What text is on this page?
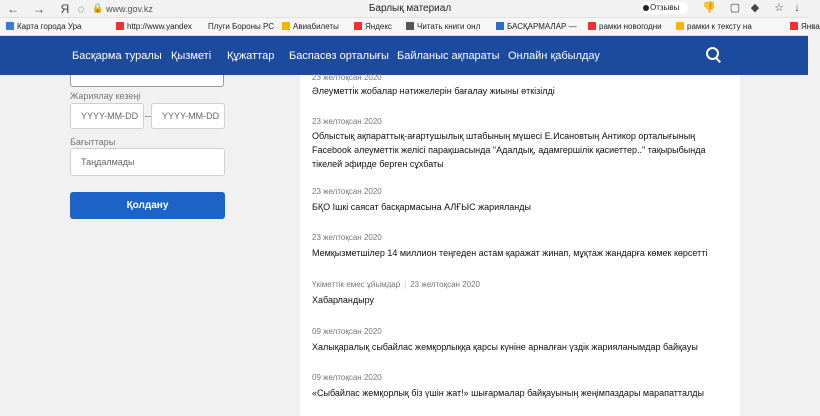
← → Я ◌ 🔒 www.gov.kz	Барлық материал	Отзывы	👎 ▢ ◆ ☆ ↓
Карта города Ура	http://www.yandex	Плуги Бороны РС	Авиабилеты	Яндекс	Читать книги онл	БАСҚАРМАЛАР —	рамки новогодни	рамки к тексту на	Янва
Басқарма туралы Қызметі Құжаттар Баспасөз орталығы Байланыс ақпараты Онлайн қабылдау
Жариялау кезеңі
YYYY-MM-DD	YYYY-MM-DD
Бағыттары
Таңдалмады
Қолдану
23 желтоқсан 2020
Әлеуметтік жобалар нәтижелерін бағалау жиыны өткізілді
23 желтоқсан 2020
Облыстық ақпараттық-ағартушылық штабының мүшесі Е.Исановтың Антикор орталығының Facebook әлеуметтік желісі парақшасында "Адалдық, адамгершілік қасиеттер.." тақырыбында тікелей эфирде берген сұхбаты
23 желтоқсан 2020
БҚО Ішкі саясат басқармасына АЛҒЫС жарияланды
23 желтоқсан 2020
Мемқызметшілер 14 миллион теңгеден астам қаражат жинап, мұқтаж жандарға көмек көрсетті
Үкіметтік емес ұйымдар | 23 желтоқсан 2020
Хабарландыру
09 желтоқсан 2020
Халықаралық сыбайлас жемқорлыққа қарсы күніне арналған үздік жарияланымдар байқауы
09 желтоқсан 2020
«Сыбайлас жемқорлық біз үшін жат!» шығармалар байқауының жеңімпаздары марапатталды
